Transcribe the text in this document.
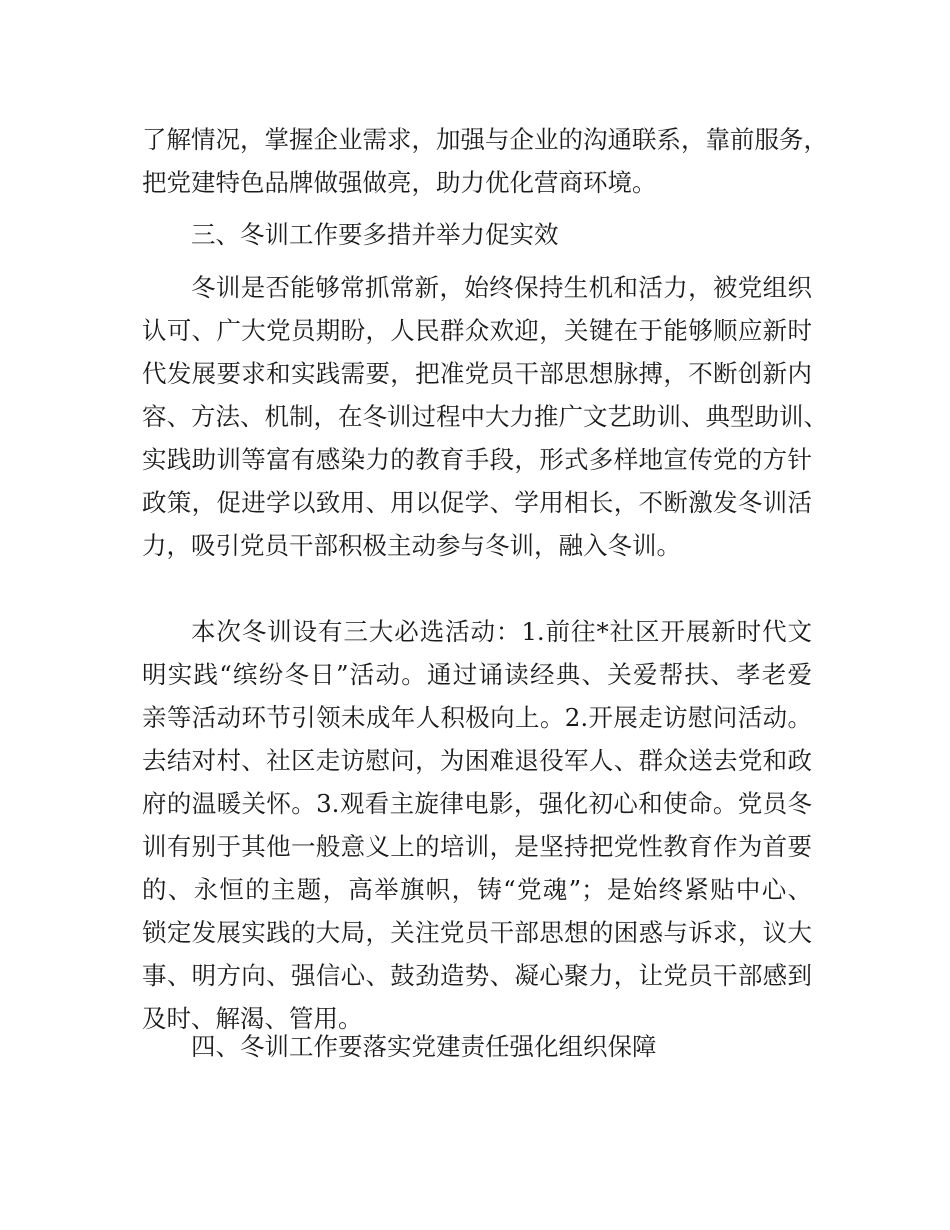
了解情况，掌握企业需求，加强与企业的沟通联系，靠前服务，
把党建特色品牌做强做亮，助力优化营商环境。
三、冬训工作要多措并举力促实效
冬训是否能够常抓常新，始终保持生机和活力，被党组织
认可、广大党员期盼，人民群众欢迎，关键在于能够顺应新时
代发展要求和实践需要，把准党员干部思想脉搏，不断创新内
容、方法、机制，在冬训过程中大力推广文艺助训、典型助训、
实践助训等富有感染力的教育手段，形式多样地宣传党的方针
政策，促进学以致用、用以促学、学用相长，不断激发冬训活
力，吸引党员干部积极主动参与冬训，融入冬训。
本次冬训设有三大必选活动：1.前往*社区开展新时代文
明实践“缤纷冬日”活动。通过诵读经典、关爱帮扶、孝老爱
亲等活动环节引领未成年人积极向上。2.开展走访慰问活动。
去结对村、社区走访慰问，为困难退役军人、群众送去党和政
府的温暖关怀。3.观看主旋律电影，强化初心和使命。党员冬
训有别于其他一般意义上的培训，是坚持把党性教育作为首要
的、永恒的主题，高举旗帜，铸“党魂”；是始终紧贴中心、
锁定发展实践的大局，关注党员干部思想的困惑与诉求，议大
事、明方向、强信心、鼓劲造势、凝心聚力，让党员干部感到
及时、解渴、管用。
四、冬训工作要落实党建责任强化组织保障
